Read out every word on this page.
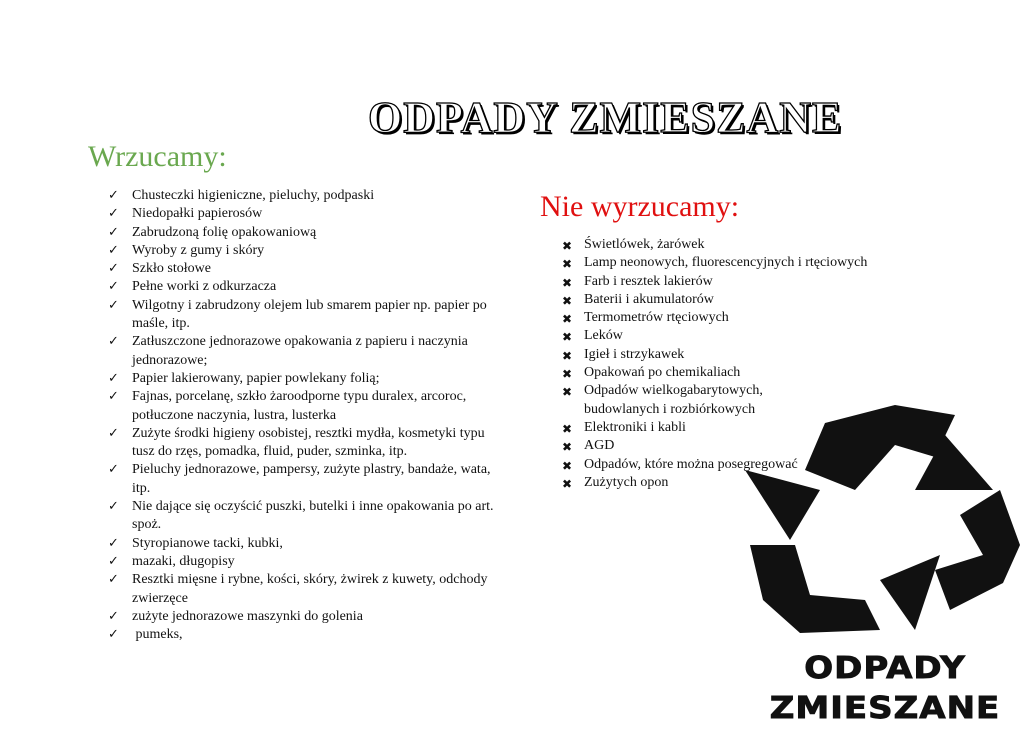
ODPADY ZMIESZANE
Wrzucamy:
✓ Chusteczki higieniczne, pieluchy, podpaski
✓ Niedopałki papierosów
✓ Zabrudzoną folię opakowaniową
✓ Wyroby z gumy i skóry
✓ Szkło stołowe
✓ Pełne worki z odkurzacza
✓ Wilgotny i zabrudzony olejem lub smarem papier np. papier po maśle, itp.
✓ Zatłuszczone jednorazowe opakowania z papieru i naczynia jednorazowe;
✓ Papier lakierowany, papier powlekany folią;
✓ Fajnas, porcelanę, szkło żaroodporne typu duralex, arcoroc, potłuczone naczynia, lustra, lusterka
✓ Zużyte środki higieny osobistej, resztki mydła, kosmetyki typu tusz do rzęs, pomadka, fluid, puder, szminka, itp.
✓ Pieluchy jednorazowe, pampersy, zużyte plastry, bandaże, wata, itp.
✓ Nie dające się oczyścić puszki, butelki i inne opakowania po art. spoż.
✓ Styropianowe tacki, kubki,
✓ mazaki, długopisy
✓ Resztki mięsne i rybne, kości, skóry, żwirek z kuwety, odchody zwierzęce
✓ zużyte jednorazowe maszynki do golenia
✓ pumeks,
Nie wyrzucamy:
✖ Świetlówek, żarówek
✖ Lamp neonowych, fluorescencyjnych i rtęciowych
✖ Farb i resztek lakierów
✖ Baterii i akumulatorów
✖ Termometrów rtęciowych
✖ Leków
✖ Igieł i strzykawek
✖ Opakowań po chemikaliach
✖ Odpadów wielkogabarytowych,
budowlanych i rozbiórkowych
✖ Elektroniki i kabli
✖ AGD
✖ Odpadów, które można posegregować
✖ Zużytych opon
ODPADY
ZMIESZANE
